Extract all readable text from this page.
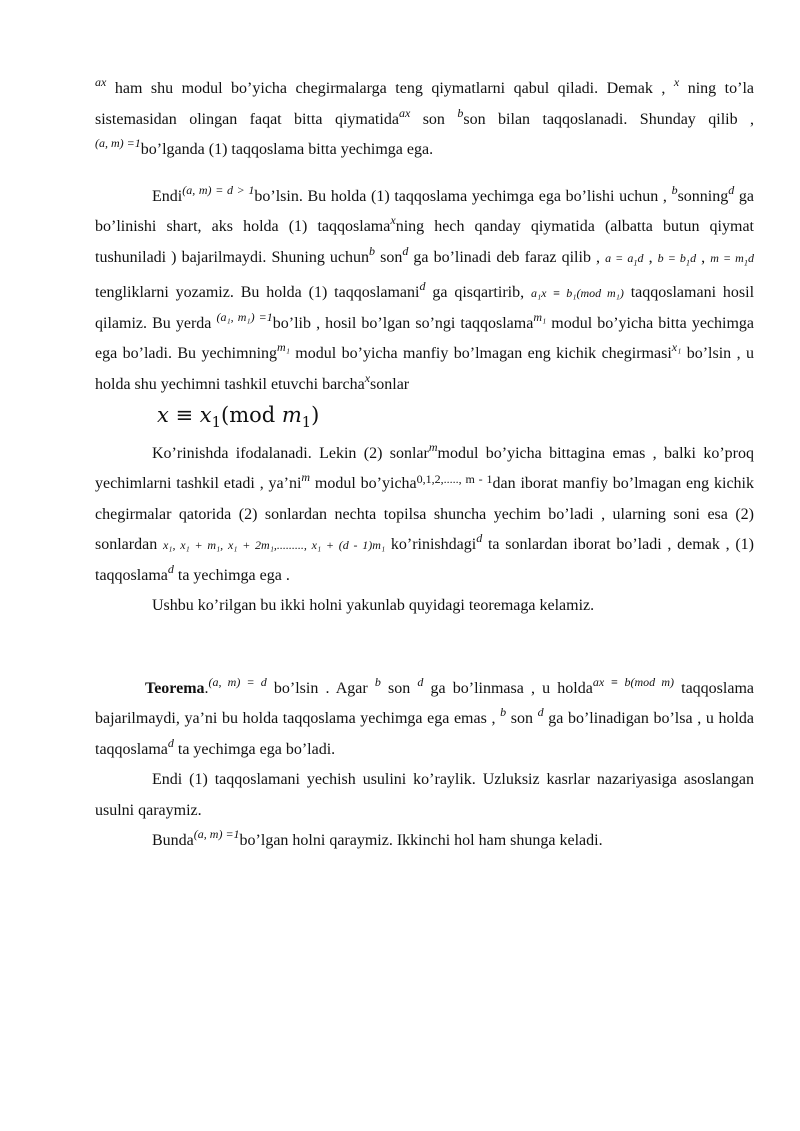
$^{ax}$ ham shu modul bo’yicha chegirmalarga teng qiymatlarni qabul qiladi. Demak , $^x$ ning to’la sistemasidan olingan faqat bitta qiymatida$^{ax}$ son $^b$son bilan taqqoslanadi. Shunday qilib , $^{(a, m) =1}$bo’lganda (1) taqqoslama bitta yechimga ega.

Endi$^{(a, m) = d > 1}$bo’lsin. Bu holda (1) taqqoslama yechimga ega bo’lishi uchun , $^b$sonning$^d$ ga bo’linishi shart, aks holda (1) taqqoslama$^x$ning hech qanday qiymatida (albatta butun qiymat tushuniladi ) bajarilmaydi. Shuning uchun$^b$ son$^d$ ga bo’linadi deb faraz qilib , $a = a_1d$ , $b = b_1d$ , $m = m_1d$ tengliklarni yozamiz. Bu holda (1) taqqoslamani$^d$ ga qisqartirib, a₁x ≡ b₁(mod m₁) taqqoslamani hosil qilamiz. Bu yerda $^{(a_1, m_1) =1}$bo’lib , hosil bo’lgan so’ngi taqqoslama$^{m_1}$ modul bo’yicha bitta yechimga ega bo’ladi. Bu yechimning$^{m_1}$ modul bo’yicha manfiy bo’lmagan eng kichik chegirmasi$^{x_1}$ bo’lsin , u holda shu yechimni tashkil etuvchi barcha$^x$sonlar

$x \equiv x_1(mod$ $m_1$)

Ko’rinishda ifodalanadi. Lekin (2) sonlar$^m$modul bo’yicha bittagina emas , balki ko’proq yechimlarni tashkil etadi , $ya’ni^m$ modul bo’yicha$^{0,1,2,....., m - 1}$dan iborat manfiy bo’lmagan eng kichik chegirmalar qatorida (2) sonlardan nechta topilsa shuncha yechim bo’ladi , ularning soni esa (2) sonlardan x₁, x₁ + m₁, x₁ + 2m₁,........., x₁ + (d - 1)m₁ ko’rinishdagi$^d$ ta sonlardan iborat bo’ladi , demak , (1) taqqoslama$^d$ ta yechimga ega .

Ushbu ko’rilgan bu ikki holni yakunlab quyidagi teoremaga kelamiz.

Teorema.$^{(a, m) = d}$ bo’lsin . Agar $^b$ son $^d$ ga bo’linmasa , u holda$^{ax \equiv b(mod m)}$ taqqoslama bajarilmaydi, ya’ni bu holda taqqoslama yechimga ega emas , $^b$ son $^d$ ga bo’linadigan bo’lsa , u holda taqqoslama$^d$ ta yechimga ega bo’ladi.

Endi (1) taqqoslamani yechish usulini ko’raylik. Uzluksiz kasrlar nazariyasiga asoslangan usulni qaraymiz.

Bunda$^{(a, m) =1}$bo’lgan holni qaraymiz. Ikkinchi hol ham shunga keladi.
